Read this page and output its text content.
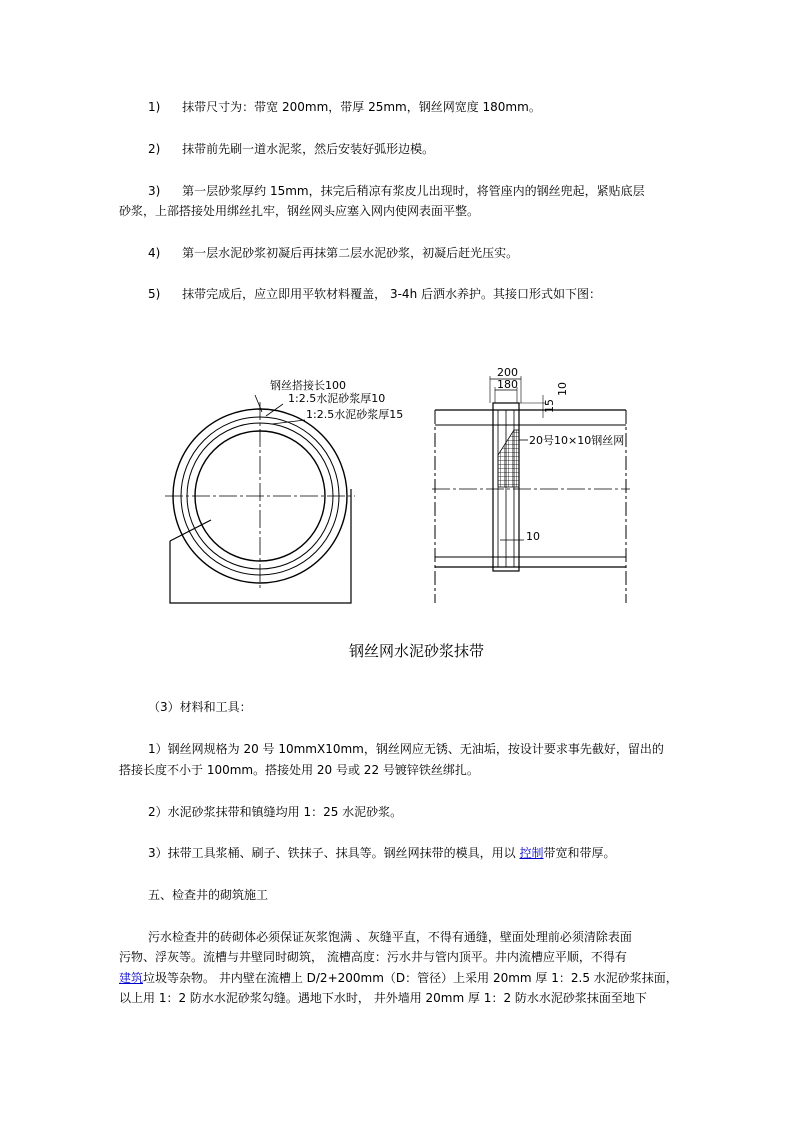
1) 抹带尺寸为：带宽 200mm，带厚 25mm，钢丝网宽度 180mm。
2) 抹带前先刷一道水泥浆，然后安装好弧形边模。
3) 第一层砂浆厚约 15mm，抹完后稍凉有浆皮儿出现时，将管座内的钢丝兜起，紧贴底层
砂浆，上部搭接处用绑丝扎牢，钢丝网头应塞入网内使网表面平整。
4) 第一层水泥砂浆初凝后再抹第二层水泥砂浆，初凝后赶光压实。
5) 抹带完成后，应立即用平软材料覆盖， 3-4h 后洒水养护。其接口形式如下图：
钢丝搭接长100
1:2.5水泥砂浆厚10
1:2.5水泥砂浆厚15
200
180
15
10
20号10×10钢丝网
10
钢丝网水泥砂浆抹带
（3）材料和工具：
1）钢丝网规格为 20 号 10mmX10mm，钢丝网应无锈、无油垢，按设计要求事先截好，留出的
搭接长度不小于 100mm。搭接处用 20 号或 22 号镀锌铁丝绑扎。
2）水泥砂浆抹带和镇缝均用 1：25 水泥砂浆。
3）抹带工具浆桶、刷子、铁抹子、抹具等。钢丝网抹带的模具，用以 控制带宽和带厚。
五、检查井的砌筑施工
污水检查井的砖砌体必须保证灰浆饱满 、灰缝平直，不得有通缝，壁面处理前必须清除表面
污物、浮灰等。流槽与井壁同时砌筑， 流槽高度：污水井与管内顶平。井内流槽应平顺，不得有
建筑垃圾等杂物。 井内壁在流槽上 D/2+200mm（D：管径）上采用 20mm 厚 1：2.5 水泥砂浆抹面，
以上用 1：2 防水水泥砂浆勾缝。遇地下水时， 井外墙用 20mm 厚 1：2 防水水泥砂浆抹面至地下
